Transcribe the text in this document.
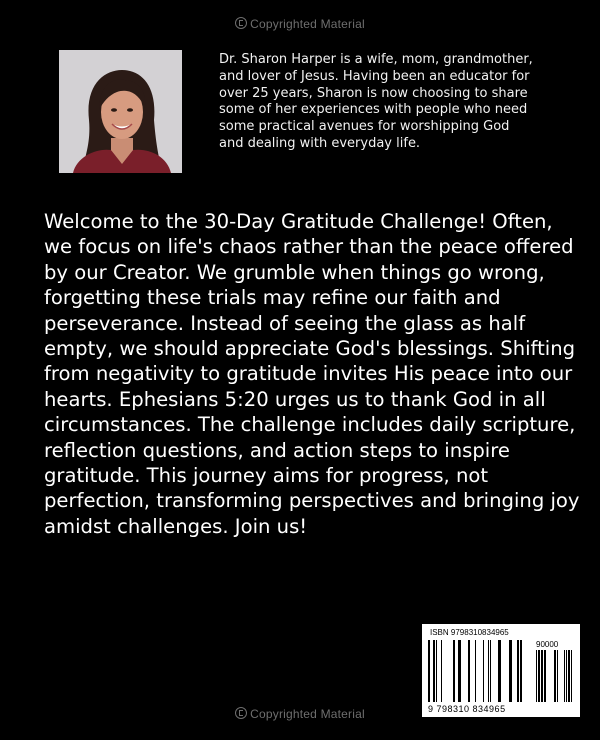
Copyrighted Material
Dr. Sharon Harper is a wife, mom, grandmother,
and lover of Jesus. Having been an educator for
over 25 years, Sharon is now choosing to share
some of her experiences with people who need
some practical avenues for worshipping God
and dealing with everyday life.
Welcome to the 30-Day Gratitude Challenge! Often,
we focus on life's chaos rather than the peace offered
by our Creator. We grumble when things go wrong,
forgetting these trials may refine our faith and
perseverance. Instead of seeing the glass as half
empty, we should appreciate God's blessings. Shifting
from negativity to gratitude invites His peace into our
hearts. Ephesians 5:20 urges us to thank God in all
circumstances. The challenge includes daily scripture,
reflection questions, and action steps to inspire
gratitude. This journey aims for progress, not
perfection, transforming perspectives and bringing joy
amidst challenges. Join us!
ISBN 9798310834965
90000
9 798310 834965
Copyrighted Material
